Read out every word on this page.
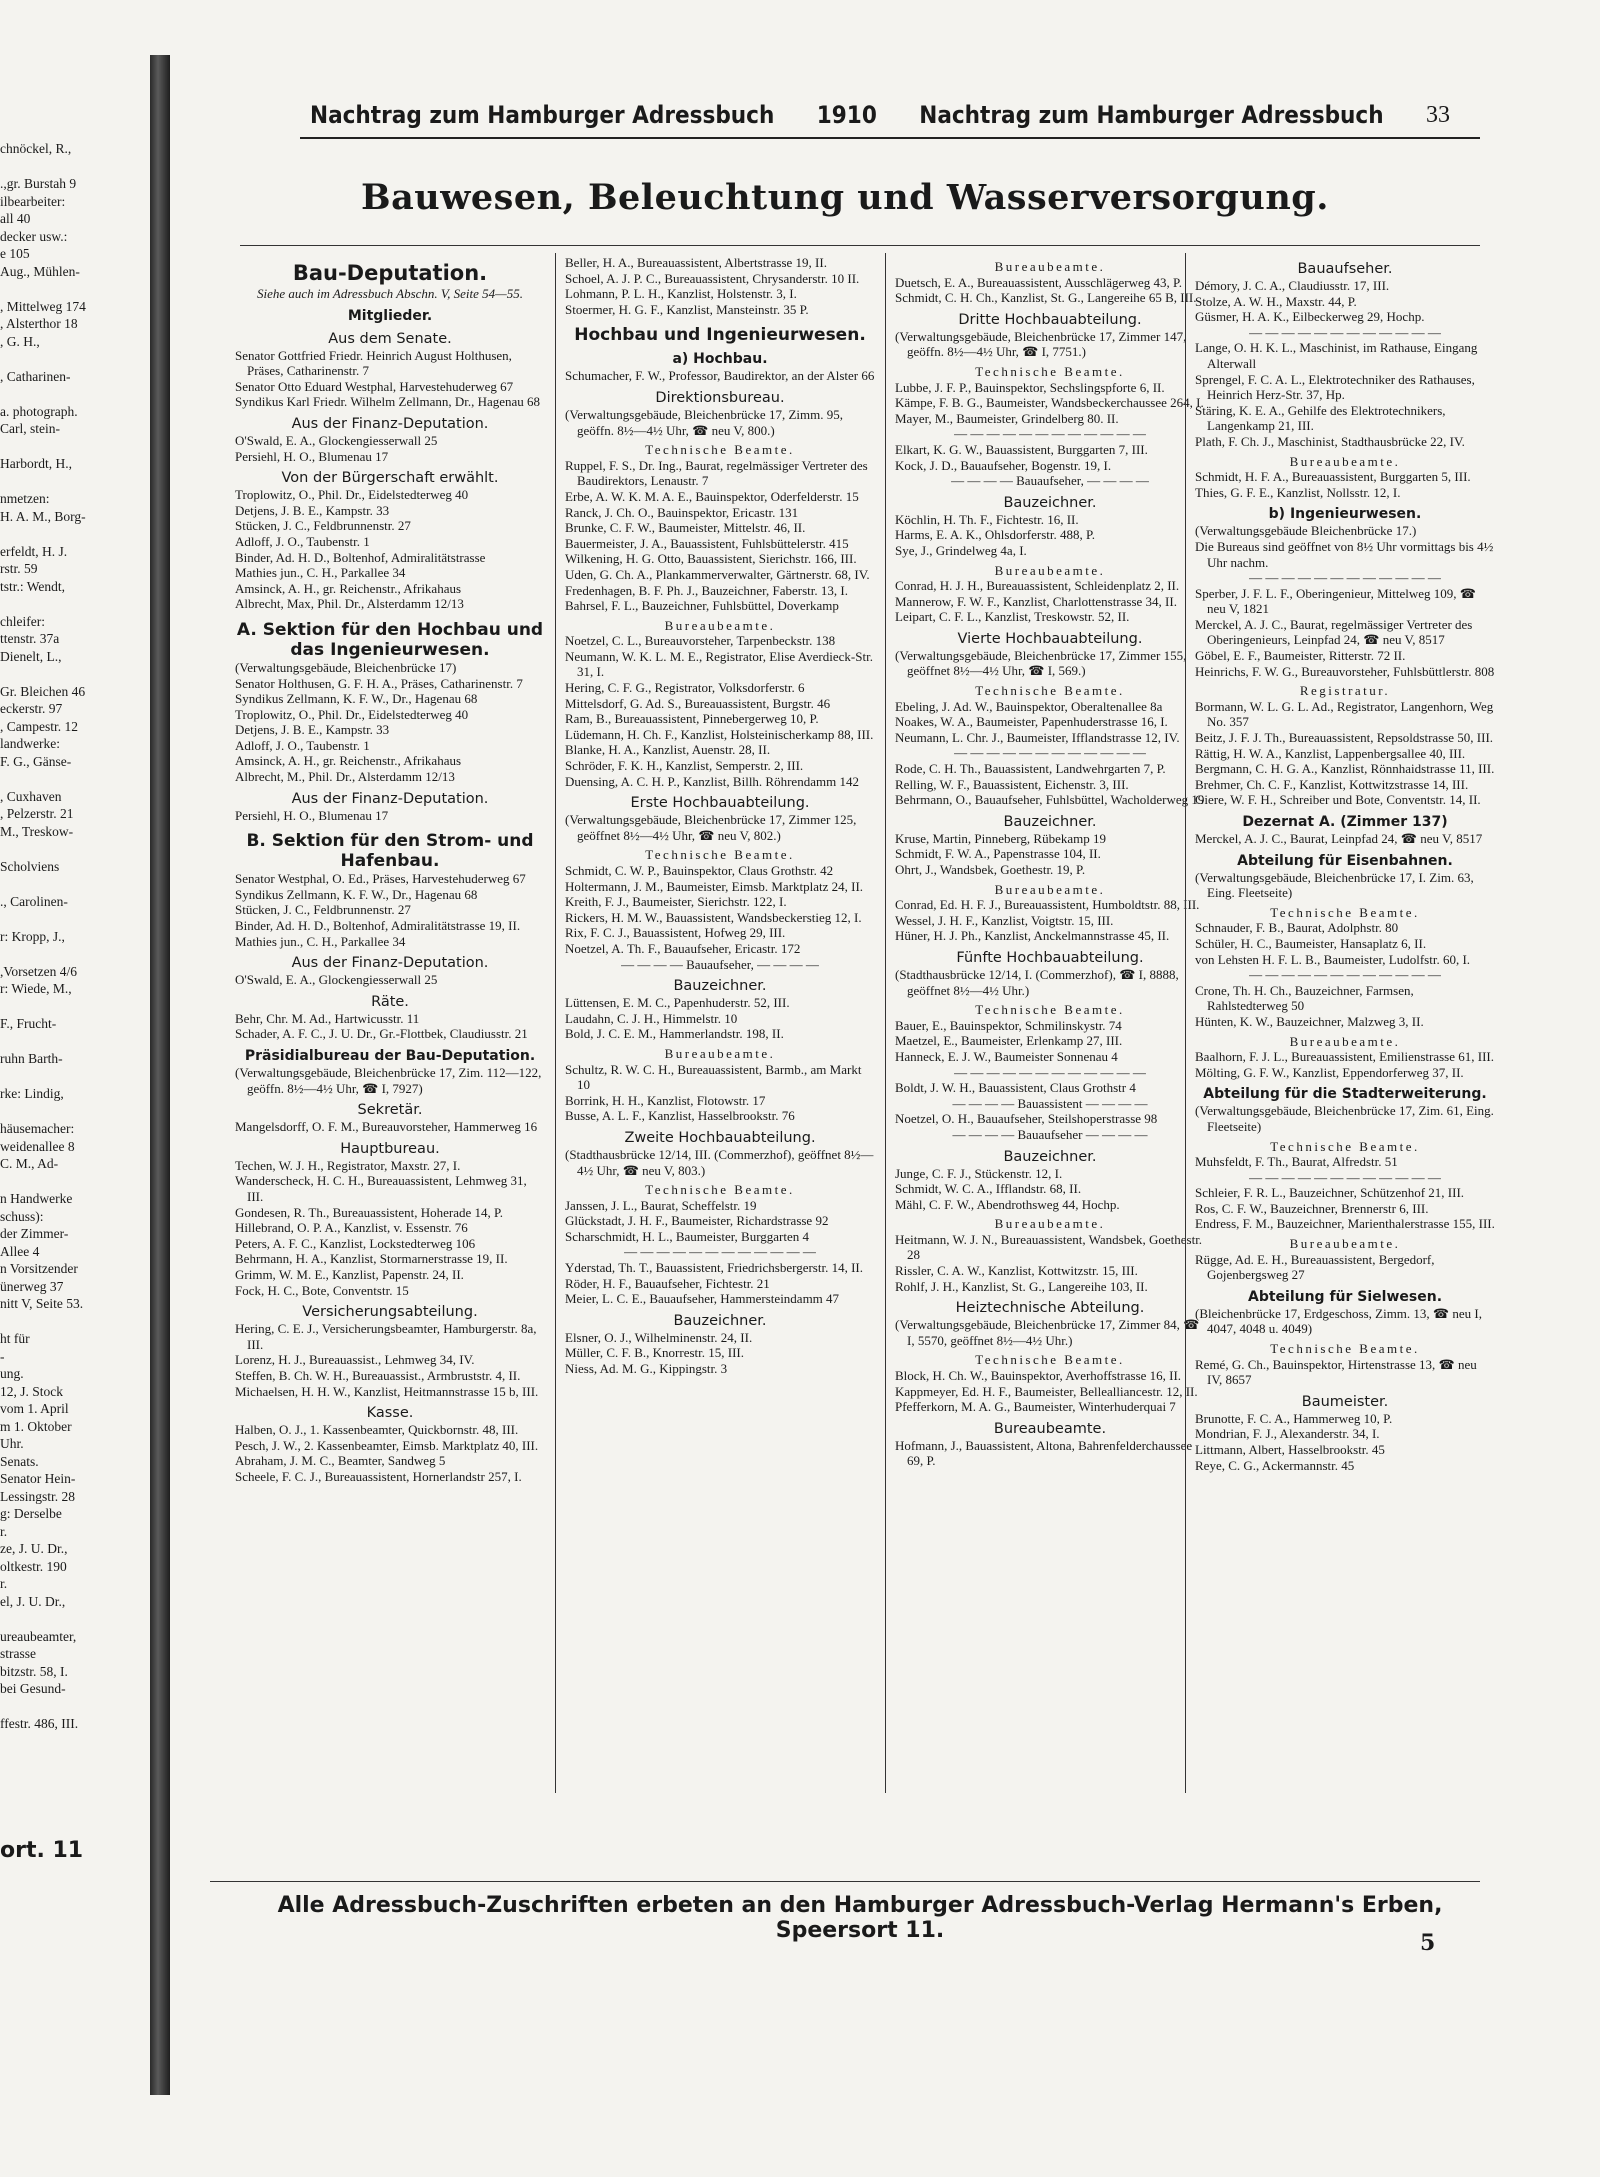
chnöckel, R.,

.,gr. Burstah 9
ilbearbeiter:
all 40
decker usw.:
e 105
Aug., Mühlen-

, Mittelweg 174
, Alsterthor 18
, G. H.,

, Catharinen-

a. photograph.
Carl, stein-

Harbordt, H.,

nmetzen:
H. A. M., Borg-

erfeldt, H. J.
rstr. 59
tstr.: Wendt,

chleifer:
ttenstr. 37a
Dienelt, L.,

Gr. Bleichen 46
eckerstr. 97
, Campestr. 12
landwerke:
F. G., Gänse-

, Cuxhaven
, Pelzerstr. 21
M., Treskow-

Scholviens

., Carolinen-

r: Kropp, J.,

,Vorsetzen 4/6
r: Wiede, M.,

F., Frucht-

ruhn Barth-

rke: Lindig,

häusemacher:
weidenallee 8
C. M., Ad-

n Handwerke
schuss):
der Zimmer-
Allee 4
n Vorsitzender
ünerweg 37
nitt V, Seite 53.

ht für
-
ung.
12, J. Stock
vom 1. April
m 1. Oktober
Uhr.
Senats.
Senator Hein-
Lessingstr. 28
g: Derselbe
r.
ze, J. U. Dr.,
oltkestr. 190
r.
el, J. U. Dr.,

ureaubeamter,
strasse
bitzstr. 58, I.
bei Gesund-

ffestr. 486, III.
ort. 11
Nachtrag zum Hamburger Adressbuch 1910 Nachtrag zum Hamburger Adressbuch 33
Bauwesen, Beleuchtung und Wasserversorgung.

Bau-Deputation.

Siehe auch im Adressbuch Abschn. V, Seite 54—55.

Mitglieder.

Aus dem Senate.

Senator Gottfried Friedr. Heinrich August Holthusen, Präses, Catharinenstr. 7

Senator Otto Eduard Westphal, Harvestehuderweg 67

Syndikus Karl Friedr. Wilhelm Zellmann, Dr., Hagenau 68

Aus der Finanz-Deputation.

O'Swald, E. A., Glockengiesserwall 25

Persiehl, H. O., Blumenau 17

Von der Bürgerschaft erwählt.

Troplowitz, O., Phil. Dr., Eidelstedterweg 40

Detjens, J. B. E., Kampstr. 33

Stücken, J. C., Feldbrunnenstr. 27

Adloff, J. O., Taubenstr. 1

Binder, Ad. H. D., Boltenhof, Admiralitätstrasse

Mathies jun., C. H., Parkallee 34

Amsinck, A. H., gr. Reichenstr., Afrikahaus

Albrecht, Max, Phil. Dr., Alsterdamm 12/13

A. Sektion für den Hochbau und das Ingenieurwesen.

(Verwaltungsgebäude, Bleichenbrücke 17)

Senator Holthusen, G. F. H. A., Präses, Catharinenstr. 7

Syndikus Zellmann, K. F. W., Dr., Hagenau 68

Troplowitz, O., Phil. Dr., Eidelstedterweg 40

Detjens, J. B. E., Kampstr. 33

Adloff, J. O., Taubenstr. 1

Amsinck, A. H., gr. Reichenstr., Afrikahaus

Albrecht, M., Phil. Dr., Alsterdamm 12/13

Aus der Finanz-Deputation.

Persiehl, H. O., Blumenau 17

B. Sektion für den Strom- und Hafenbau.

Senator Westphal, O. Ed., Präses, Harvestehuderweg 67

Syndikus Zellmann, K. F. W., Dr., Hagenau 68

Stücken, J. C., Feldbrunnenstr. 27

Binder, Ad. H. D., Boltenhof, Admiralitätstrasse 19, II.

Mathies jun., C. H., Parkallee 34

Aus der Finanz-Deputation.

O'Swald, E. A., Glockengiesserwall 25

Räte.

Behr, Chr. M. Ad., Hartwicusstr. 11

Schader, A. F. C., J. U. Dr., Gr.-Flottbek, Claudiusstr. 21

Präsidialbureau der Bau-Deputation.

(Verwaltungsgebäude, Bleichenbrücke 17, Zim. 112—122, geöffn. 8½—4½ Uhr, ☎ I, 7927)

Sekretär.

Mangelsdorff, O. F. M., Bureauvorsteher, Hammerweg 16

Hauptbureau.

Techen, W. J. H., Registrator, Maxstr. 27, I.

Wanderscheck, H. C. H., Bureauassistent, Lehmweg 31, III.

Gondesen, R. Th., Bureauassistent, Hoherade 14, P.

Hillebrand, O. P. A., Kanzlist, v. Essenstr. 76

Peters, A. F. C., Kanzlist, Lockstedterweg 106

Behrmann, H. A., Kanzlist, Stormarnerstrasse 19, II.

Grimm, W. M. E., Kanzlist, Papenstr. 24, II.

Fock, H. C., Bote, Conventstr. 15

Versicherungsabteilung.

Hering, C. E. J., Versicherungsbeamter, Hamburgerstr. 8a, III.

Lorenz, H. J., Bureauassist., Lehmweg 34, IV.

Steffen, B. Ch. W. H., Bureauassist., Armbruststr. 4, II.

Michaelsen, H. H. W., Kanzlist, Heitmannstrasse 15 b, III.

Kasse.

Halben, O. J., 1. Kassenbeamter, Quickbornstr. 48, III.

Pesch, J. W., 2. Kassenbeamter, Eimsb. Marktplatz 40, III.

Abraham, J. M. C., Beamter, Sandweg 5

Scheele, F. C. J., Bureauassistent, Hornerlandstr 257, I.

Beller, H. A., Bureauassistent, Albertstrasse 19, II.

Schoel, A. J. P. C., Bureauassistent, Chrysanderstr. 10 II.

Lohmann, P. L. H., Kanzlist, Holstenstr. 3, I.

Stoermer, H. G. F., Kanzlist, Mansteinstr. 35 P.

Hochbau und Ingenieurwesen.

a) Hochbau.

Schumacher, F. W., Professor, Baudirektor, an der Alster 66

Direktionsbureau.

(Verwaltungsgebäude, Bleichenbrücke 17, Zimm. 95, geöffn. 8½—4½ Uhr, ☎ neu V, 800.)

Technische Beamte.

Ruppel, F. S., Dr. Ing., Baurat, regelmässiger Vertreter des Baudirektors, Lenaustr. 7

Erbe, A. W. K. M. A. E., Bauinspektor, Oderfelderstr. 15

Ranck, J. Ch. O., Bauinspektor, Ericastr. 131

Brunke, C. F. W., Baumeister, Mittelstr. 46, II.

Bauermeister, J. A., Bauassistent, Fuhlsbüttelerstr. 415

Wilkening, H. G. Otto, Bauassistent, Sierichstr. 166, III.

Uden, G. Ch. A., Plankammerverwalter, Gärtnerstr. 68, IV.

Fredenhagen, B. F. Ph. J., Bauzeichner, Faberstr. 13, I.

Bahrsel, F. L., Bauzeichner, Fuhlsbüttel, Doverkamp

Bureaubeamte.

Noetzel, C. L., Bureauvorsteher, Tarpenbeckstr. 138

Neumann, W. K. L. M. E., Registrator, Elise Averdieck-Str. 31, I.

Hering, C. F. G., Registrator, Volksdorferstr. 6

Mittelsdorf, G. Ad. S., Bureauassistent, Burgstr. 46

Ram, B., Bureauassistent, Pinnebergerweg 10, P.

Lüdemann, H. Ch. F., Kanzlist, Holsteinischerkamp 88, III.

Blanke, H. A., Kanzlist, Auenstr. 28, II.

Schröder, F. K. H., Kanzlist, Semperstr. 2, III.

Duensing, A. C. H. P., Kanzlist, Billh. Röhrendamm 142

Erste Hochbauabteilung.

(Verwaltungsgebäude, Bleichenbrücke 17, Zimmer 125, geöffnet 8½—4½ Uhr, ☎ neu V, 802.)

Technische Beamte.

Schmidt, C. W. P., Bauinspektor, Claus Grothstr. 42

Holtermann, J. M., Baumeister, Eimsb. Marktplatz 24, II.

Kreith, F. J., Baumeister, Sierichstr. 122, I.

Rickers, H. M. W., Bauassistent, Wandsbeckerstieg 12, I.

Rix, F. C. J., Bauassistent, Hofweg 29, III.

Noetzel, A. Th. F., Bauaufseher, Ericastr. 172

— — — — Bauaufseher, — — — —

Bauzeichner.

Lüttensen, E. M. C., Papenhuderstr. 52, III.

Laudahn, C. J. H., Himmelstr. 10

Bold, J. C. E. M., Hammerlandstr. 198, II.

Bureaubeamte.

Schultz, R. W. C. H., Bureauassistent, Barmb., am Markt 10

Borrink, H. H., Kanzlist, Flotowstr. 17

Busse, A. L. F., Kanzlist, Hasselbrookstr. 76

Zweite Hochbauabteilung.

(Stadthausbrücke 12/14, III. (Commerzhof), geöffnet 8½—4½ Uhr, ☎ neu V, 803.)

Technische Beamte.

Janssen, J. L., Baurat, Scheffelstr. 19

Glückstadt, J. H. F., Baumeister, Richardstrasse 92

Scharschmidt, H. L., Baumeister, Burggarten 4

— — — — — — — — — — — —

Yderstad, Th. T., Bauassistent, Friedrichsbergerstr. 14, II.

Röder, H. F., Bauaufseher, Fichtestr. 21

Meier, L. C. E., Bauaufseher, Hammersteindamm 47

Bauzeichner.

Elsner, O. J., Wilhelminenstr. 24, II.

Müller, C. F. B., Knorrestr. 15, III.

Niess, Ad. M. G., Kippingstr. 3

Bureaubeamte.

Duetsch, E. A., Bureauassistent, Ausschlägerweg 43, P.

Schmidt, C. H. Ch., Kanzlist, St. G., Langereihe 65 B, III.

Dritte Hochbauabteilung.

(Verwaltungsgebäude, Bleichenbrücke 17, Zimmer 147, geöffn. 8½—4½ Uhr, ☎ I, 7751.)

Technische Beamte.

Lubbe, J. F. P., Bauinspektor, Sechslingspforte 6, II.

Kämpe, F. B. G., Baumeister, Wandsbeckerchaussee 264, I.

Mayer, M., Baumeister, Grindelberg 80. II.

— — — — — — — — — — — —

Elkart, K. G. W., Bauassistent, Burggarten 7, III.

Kock, J. D., Bauaufseher, Bogenstr. 19, I.

— — — — Bauaufseher, — — — —

Bauzeichner.

Köchlin, H. Th. F., Fichtestr. 16, II.

Harms, E. A. K., Ohlsdorferstr. 488, P.

Sye, J., Grindelweg 4a, I.

Bureaubeamte.

Conrad, H. J. H., Bureauassistent, Schleidenplatz 2, II.

Mannerow, F. W. F., Kanzlist, Charlottenstrasse 34, II.

Leipart, C. F. L., Kanzlist, Treskowstr. 52, II.

Vierte Hochbauabteilung.

(Verwaltungsgebäude, Bleichenbrücke 17, Zimmer 155, geöffnet 8½—4½ Uhr, ☎ I, 569.)

Technische Beamte.

Ebeling, J. Ad. W., Bauinspektor, Oberaltenallee 8a

Noakes, W. A., Baumeister, Papenhuderstrasse 16, I.

Neumann, L. Chr. J., Baumeister, Ifflandstrasse 12, IV.

— — — — — — — — — — — —

Rode, C. H. Th., Bauassistent, Landwehrgarten 7, P.

Relling, W. F., Bauassistent, Eichenstr. 3, III.

Behrmann, O., Bauaufseher, Fuhlsbüttel, Wacholderweg 19

Bauzeichner.

Kruse, Martin, Pinneberg, Rübekamp 19

Schmidt, F. W. A., Papenstrasse 104, II.

Ohrt, J., Wandsbek, Goethestr. 19, P.

Bureaubeamte.

Conrad, Ed. H. F. J., Bureauassistent, Humboldtstr. 88, III.

Wessel, J. H. F., Kanzlist, Voigtstr. 15, III.

Hüner, H. J. Ph., Kanzlist, Anckelmannstrasse 45, II.

Fünfte Hochbauabteilung.

(Stadthausbrücke 12/14, I. (Commerzhof), ☎ I, 8888, geöffnet 8½—4½ Uhr.)

Technische Beamte.

Bauer, E., Bauinspektor, Schmilinskystr. 74

Maetzel, E., Baumeister, Erlenkamp 27, III.

Hanneck, E. J. W., Baumeister Sonnenau 4

— — — — — — — — — — — —

Boldt, J. W. H., Bauassistent, Claus Grothstr 4

— — — — Bauassistent — — — —

Noetzel, O. H., Bauaufseher, Steilshoperstrasse 98

— — — — Bauaufseher — — — —

Bauzeichner.

Junge, C. F. J., Stückenstr. 12, I.

Schmidt, W. C. A., Ifflandstr. 68, II.

Mähl, C. F. W., Abendrothsweg 44, Hochp.

Bureaubeamte.

Heitmann, W. J. N., Bureauassistent, Wandsbek, Goethestr. 28

Rissler, C. A. W., Kanzlist, Kottwitzstr. 15, III.

Rohlf, J. H., Kanzlist, St. G., Langereihe 103, II.

Heiztechnische Abteilung.

(Verwaltungsgebäude, Bleichenbrücke 17, Zimmer 84, ☎ I, 5570, geöffnet 8½—4½ Uhr.)

Technische Beamte.

Block, H. Ch. W., Bauinspektor, Averhoffstrasse 16, II.

Kappmeyer, Ed. H. F., Baumeister, Bellealliancestr. 12, II.

Pfefferkorn, M. A. G., Baumeister, Winterhuderquai 7

Bureaubeamte.

Hofmann, J., Bauassistent, Altona, Bahrenfelderchaussee 69, P.

Bauaufseher.

Démory, J. C. A., Claudiusstr. 17, III.

Stolze, A. W. H., Maxstr. 44, P.

Güsmer, H. A. K., Eilbeckerweg 29, Hochp.

— — — — — — — — — — — —

Lange, O. H. K. L., Maschinist, im Rathause, Eingang Alterwall

Sprengel, F. C. A. L., Elektrotechniker des Rathauses, Heinrich Herz-Str. 37, Hp.

Stäring, K. E. A., Gehilfe des Elektrotechnikers, Langenkamp 21, III.

Plath, F. Ch. J., Maschinist, Stadthausbrücke 22, IV.

Bureaubeamte.

Schmidt, H. F. A., Bureauassistent, Burggarten 5, III.

Thies, G. F. E., Kanzlist, Nollsstr. 12, I.

b) Ingenieurwesen.

(Verwaltungsgebäude Bleichenbrücke 17.)

Die Bureaus sind geöffnet von 8½ Uhr vormittags bis 4½ Uhr nachm.

— — — — — — — — — — — —

Sperber, J. F. L. F., Oberingenieur, Mittelweg 109, ☎ neu V, 1821

Merckel, A. J. C., Baurat, regelmässiger Vertreter des Oberingenieurs, Leinpfad 24, ☎ neu V, 8517

Göbel, E. F., Baumeister, Ritterstr. 72 II.

Heinrichs, F. W. G., Bureauvorsteher, Fuhlsbüttlerstr. 808

Registratur.

Bormann, W. L. G. L. Ad., Registrator, Langenhorn, Weg No. 357

Beitz, J. F. J. Th., Bureauassistent, Repsoldstrasse 50, III.

Rättig, H. W. A., Kanzlist, Lappenbergsallee 40, III.

Bergmann, C. H. G. A., Kanzlist, Rönnhaidstrasse 11, III.

Brehmer, Ch. C. F., Kanzlist, Kottwitzstrasse 14, III.

Giere, W. F. H., Schreiber und Bote, Conventstr. 14, II.

Dezernat A. (Zimmer 137)

Merckel, A. J. C., Baurat, Leinpfad 24, ☎ neu V, 8517

Abteilung für Eisenbahnen.

(Verwaltungsgebäude, Bleichenbrücke 17, I. Zim. 63, Eing. Fleetseite)

Technische Beamte.

Schnauder, F. B., Baurat, Adolphstr. 80

Schüler, H. C., Baumeister, Hansaplatz 6, II.

von Lehsten H. F. L. B., Baumeister, Ludolfstr. 60, I.

— — — — — — — — — — — —

Crone, Th. H. Ch., Bauzeichner, Farmsen, Rahlstedterweg 50

Hünten, K. W., Bauzeichner, Malzweg 3, II.

Bureaubeamte.

Baalhorn, F. J. L., Bureauassistent, Emilienstrasse 61, III.

Mölting, G. F. W., Kanzlist, Eppendorferweg 37, II.

Abteilung für die Stadterweiterung.

(Verwaltungsgebäude, Bleichenbrücke 17, Zim. 61, Eing. Fleetseite)

Technische Beamte.

Muhsfeldt, F. Th., Baurat, Alfredstr. 51

— — — — — — — — — — — —

Schleier, F. R. L., Bauzeichner, Schützenhof 21, III.

Ros, C. F. W., Bauzeichner, Brennerstr 6, III.

Endress, F. M., Bauzeichner, Marienthalerstrasse 155, III.

Bureaubeamte.

Rügge, Ad. E. H., Bureauassistent, Bergedorf, Gojenbergsweg 27

Abteilung für Sielwesen.

(Bleichenbrücke 17, Erdgeschoss, Zimm. 13, ☎ neu I, 4047, 4048 u. 4049)

Technische Beamte.

Remé, G. Ch., Bauinspektor, Hirtenstrasse 13, ☎ neu IV, 8657

Baumeister.

Brunotte, F. C. A., Hammerweg 10, P.

Mondrian, F. J., Alexanderstr. 34, I.

Littmann, Albert, Hasselbrookstr. 45

Reye, C. G., Ackermannstr. 45

Alle Adressbuch-Zuschriften erbeten an den Hamburger Adressbuch-Verlag Hermann's Erben, Speersort 11.	5
